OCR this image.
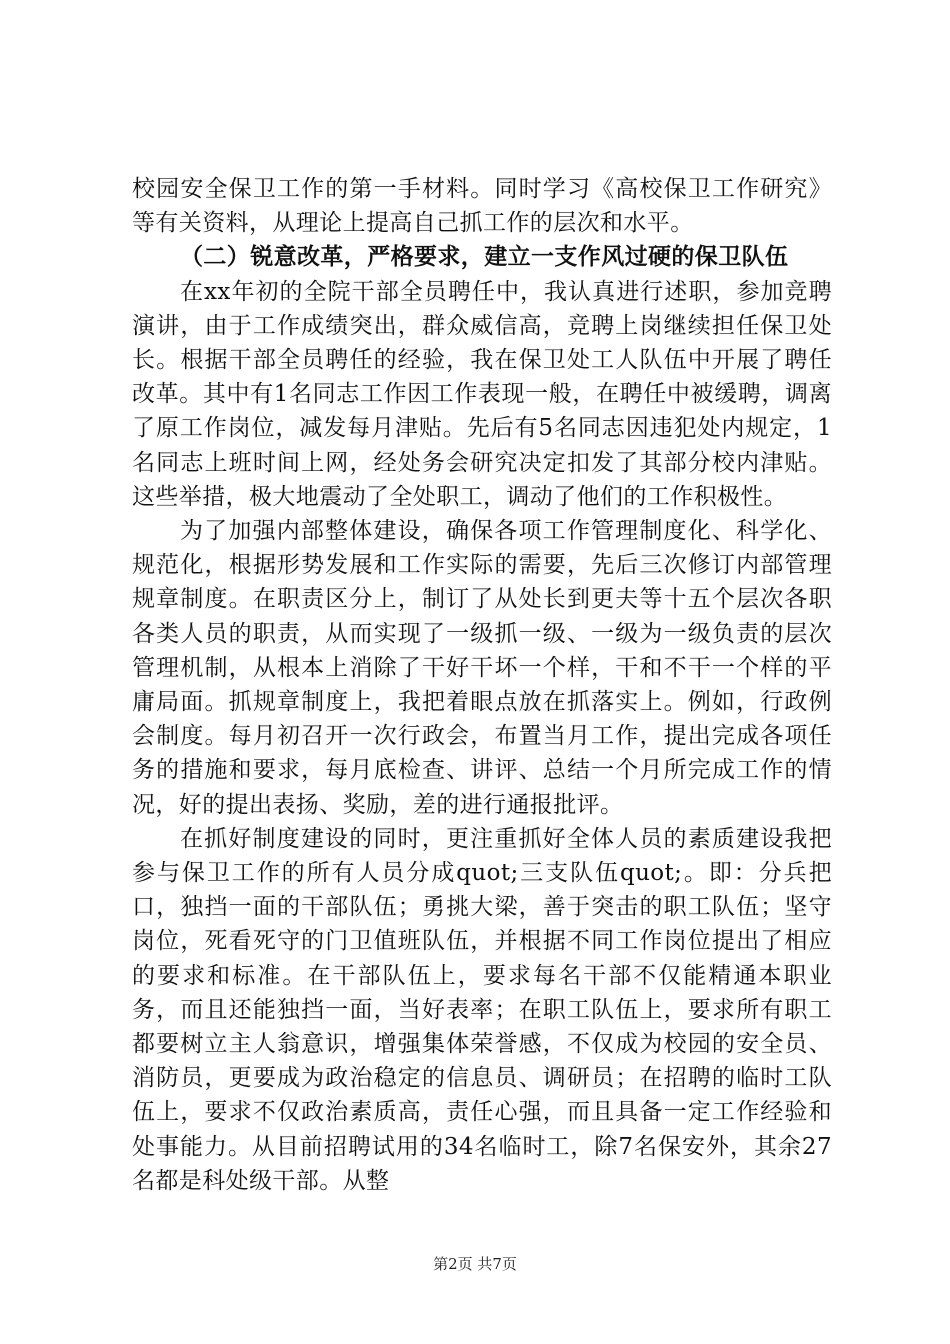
校园安全保卫工作的第一手材料。同时学习《高校保卫工作研究》等有关资料，从理论上提高自己抓工作的层次和水平。

（二）锐意改革，严格要求，建立一支作风过硬的保卫队伍

在xx年初的全院干部全员聘任中，我认真进行述职，参加竞聘演讲，由于工作成绩突出，群众威信高，竞聘上岗继续担任保卫处长。根据干部全员聘任的经验，我在保卫处工人队伍中开展了聘任改革。其中有1名同志工作因工作表现一般，在聘任中被缓聘，调离了原工作岗位，减发每月津贴。先后有5名同志因违犯处内规定，1名同志上班时间上网，经处务会研究决定扣发了其部分校内津贴。这些举措，极大地震动了全处职工，调动了他们的工作积极性。

为了加强内部整体建设，确保各项工作管理制度化、科学化、规范化，根据形势发展和工作实际的需要，先后三次修订内部管理规章制度。在职责区分上，制订了从处长到更夫等十五个层次各职各类人员的职责，从而实现了一级抓一级、一级为一级负责的层次管理机制，从根本上消除了干好干坏一个样，干和不干一个样的平庸局面。抓规章制度上，我把着眼点放在抓落实上。例如，行政例会制度。每月初召开一次行政会，布置当月工作，提出完成各项任务的措施和要求，每月底检查、讲评、总结一个月所完成工作的情况，好的提出表扬、奖励，差的进行通报批评。

在抓好制度建设的同时，更注重抓好全体人员的素质建设我把参与保卫工作的所有人员分成quot;三支队伍quot;。即：分兵把口，独挡一面的干部队伍；勇挑大梁，善于突击的职工队伍；坚守岗位，死看死守的门卫值班队伍，并根据不同工作岗位提出了相应的要求和标准。在干部队伍上，要求每名干部不仅能精通本职业务，而且还能独挡一面，当好表率；在职工队伍上，要求所有职工都要树立主人翁意识，增强集体荣誉感，不仅成为校园的安全员、消防员，更要成为政治稳定的信息员、调研员；在招聘的临时工队伍上，要求不仅政治素质高，责任心强，而且具备一定工作经验和处事能力。从目前招聘试用的34名临时工，除7名保安外，其余27名都是科处级干部。从整

第2页 共7页
